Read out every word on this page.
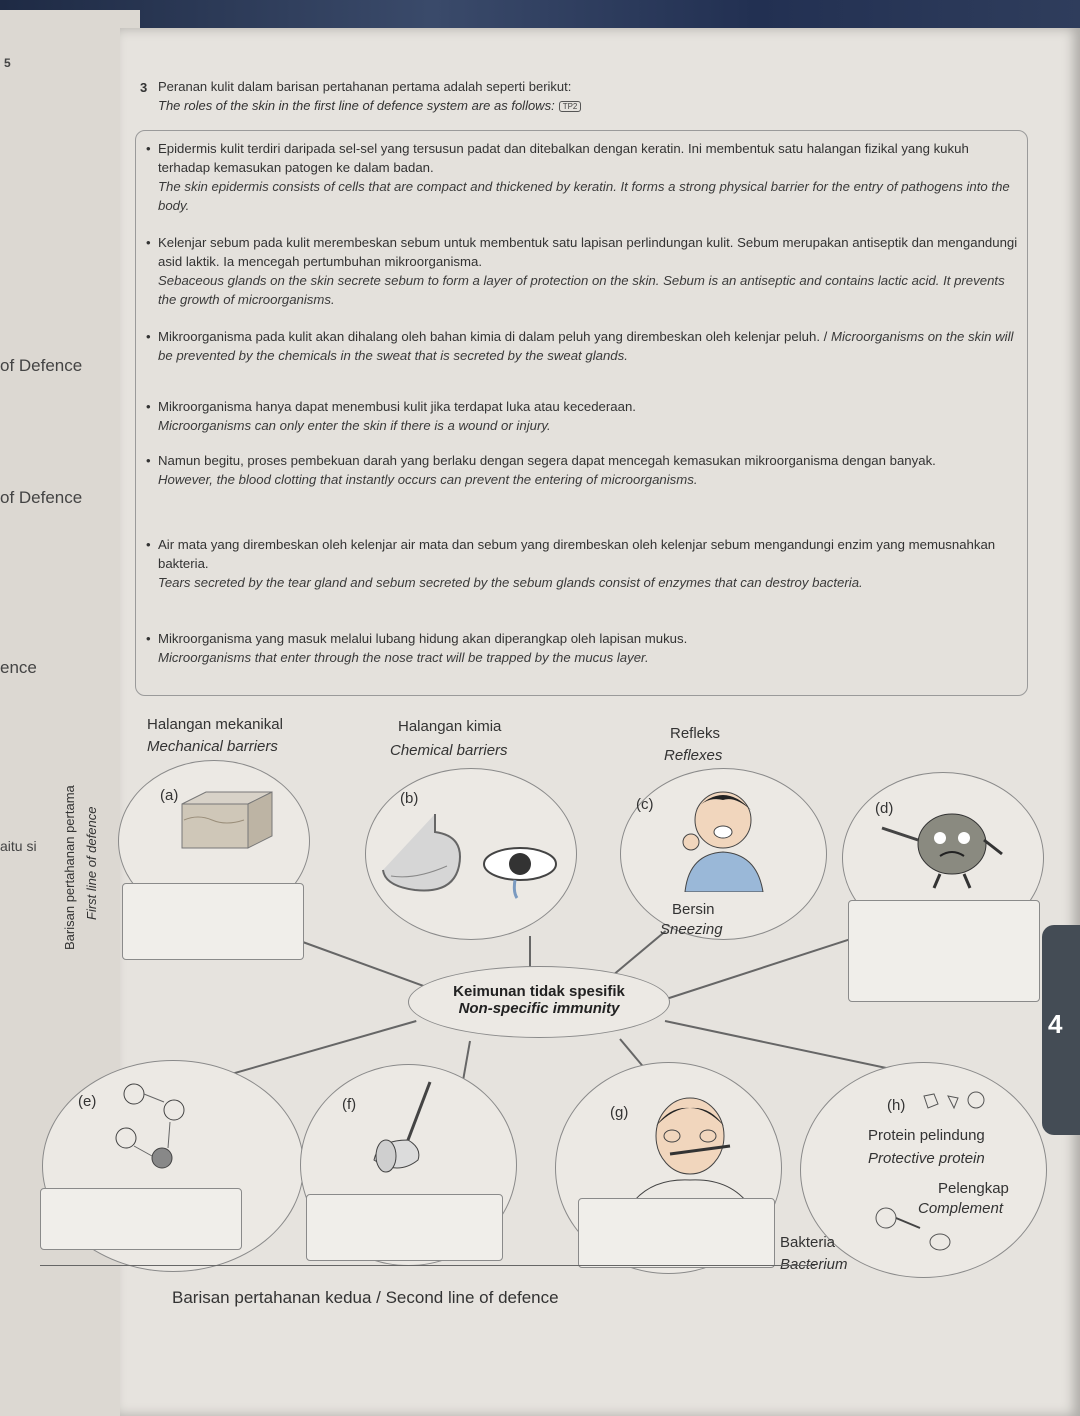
5
of Defence
of Defence
ence
aitu si
3 Peranan kulit dalam barisan pertahanan pertama adalah seperti berikut:
The roles of the skin in the first line of defence system are as follows: TP2
• Epidermis kulit terdiri daripada sel-sel yang tersusun padat dan ditebalkan dengan keratin. Ini membentuk satu halangan fizikal yang kukuh terhadap kemasukan patogen ke dalam badan.
The skin epidermis consists of cells that are compact and thickened by keratin. It forms a strong physical barrier for the entry of pathogens into the body.
• Kelenjar sebum pada kulit merembeskan sebum untuk membentuk satu lapisan perlindungan kulit. Sebum merupakan antiseptik dan mengandungi asid laktik. Ia mencegah pertumbuhan mikroorganisma.
Sebaceous glands on the skin secrete sebum to form a layer of protection on the skin. Sebum is an antiseptic and contains lactic acid. It prevents the growth of microorganisms.
• Mikroorganisma pada kulit akan dihalang oleh bahan kimia di dalam peluh yang dirembeskan oleh kelenjar peluh. / Microorganisms on the skin will be prevented by the chemicals in the sweat that is secreted by the sweat glands.
• Mikroorganisma hanya dapat menembusi kulit jika terdapat luka atau kecederaan.
Microorganisms can only enter the skin if there is a wound or injury.
• Namun begitu, proses pembekuan darah yang berlaku dengan segera dapat mencegah kemasukan mikroorganisma dengan banyak.
However, the blood clotting that instantly occurs can prevent the entering of microorganisms.
• Air mata yang dirembeskan oleh kelenjar air mata dan sebum yang dirembeskan oleh kelenjar sebum mengandungi enzim yang memusnahkan bakteria.
Tears secreted by the tear gland and sebum secreted by the sebum glands consist of enzymes that can destroy bacteria.
• Mikroorganisma yang masuk melalui lubang hidung akan diperangkap oleh lapisan mukus.
Microorganisms that enter through the nose tract will be trapped by the mucus layer.
Barisan pertahanan pertama First line of defence
Halangan mekanikal
Mechanical barriers
Halangan kimia
Chemical barriers
Refleks
Reflexes
(a)	(b)	(c)	(d)
Bersin
Sneezing
Keimunan tidak spesifik
Non-specific immunity
4
(e)	(f)	(g)	(h)
Protein pelindung
Protective protein
Pelengkap
Complement
Bakteria
Bacterium
Barisan pertahanan kedua / Second line of defence
